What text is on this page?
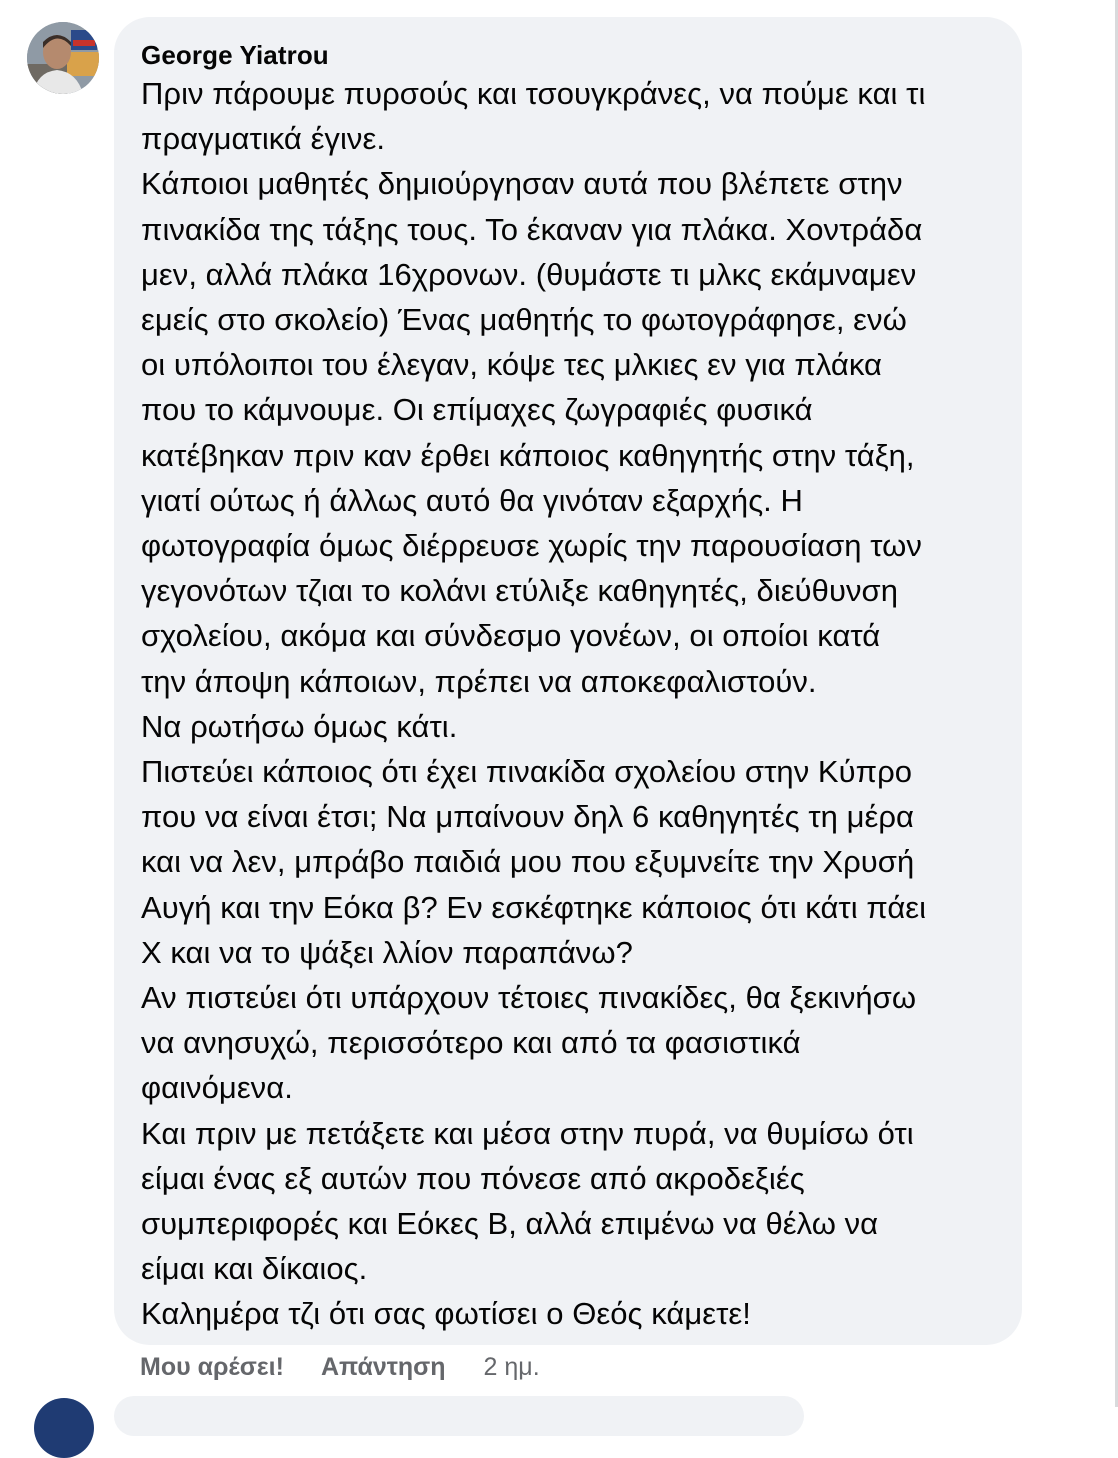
George Yiatrou
Πριν πάρουμε πυρσούς και τσουγκράνες, να πούμε και τι
πραγματικά έγινε.
Κάποιοι μαθητές δημιούργησαν αυτά που βλέπετε στην
πινακίδα της τάξης τους. Το έκαναν για πλάκα. Χοντράδα
μεν, αλλά πλάκα 16χρονων. (θυμάστε τι μλκς εκάμναμεν
εμείς στο σκολείο) Ένας μαθητής το φωτογράφησε, ενώ
οι υπόλοιποι του έλεγαν, κόψε τες μλκιες εν για πλάκα
που το κάμνουμε. Οι επίμαχες ζωγραφιές φυσικά
κατέβηκαν πριν καν έρθει κάποιος καθηγητής στην τάξη,
γιατί ούτως ή άλλως αυτό θα γινόταν εξαρχής. Η
φωτογραφία όμως διέρρευσε χωρίς την παρουσίαση των
γεγονότων τζιαι το κολάνι ετύλιξε καθηγητές, διεύθυνση
σχολείου, ακόμα και σύνδεσμο γονέων, οι οποίοι κατά
την άποψη κάποιων, πρέπει να αποκεφαλιστούν.
Να ρωτήσω όμως κάτι.
Πιστεύει κάποιος ότι έχει πινακίδα σχολείου στην Κύπρο
που να είναι έτσι; Να μπαίνουν δηλ 6 καθηγητές τη μέρα
και να λεν, μπράβο παιδιά μου που εξυμνείτε την Χρυσή
Αυγή και την Εόκα β? Εν εσκέφτηκε κάποιος ότι κάτι πάει
Χ και να το ψάξει λλίον παραπάνω?
Αν πιστεύει ότι υπάρχουν τέτοιες πινακίδες, θα ξεκινήσω
να ανησυχώ, περισσότερο και από τα φασιστικά
φαινόμενα.
Και πριν με πετάξετε και μέσα στην πυρά, να θυμίσω ότι
είμαι ένας εξ αυτών που πόνεσε από ακροδεξιές
συμπεριφορές και Εόκες Β, αλλά επιμένω να θέλω να
είμαι και δίκαιος.
Καλημέρα τζι ότι σας φωτίσει ο Θεός κάμετε!
Μου αρέσει! Απάντηση 2 ημ.
